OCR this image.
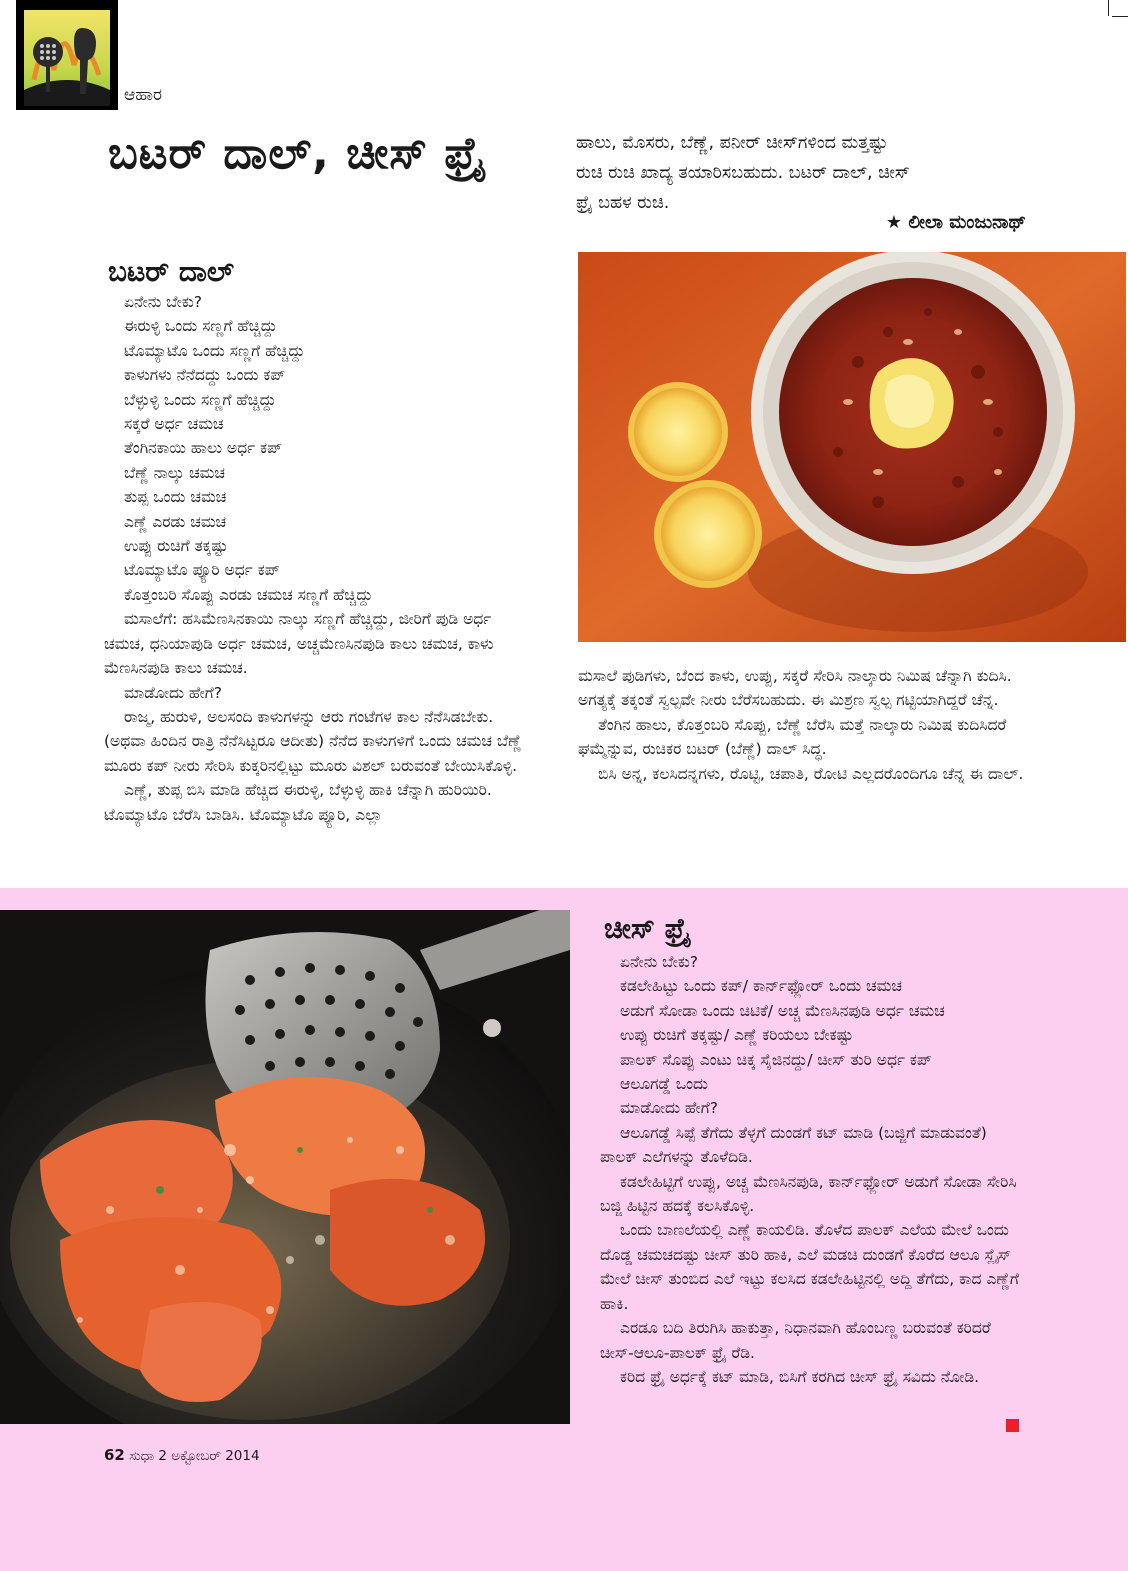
ಆಹಾರ
ಬಟರ್ ದಾಲ್, ಚೀಸ್ ಫ್ರೈ	ಹಾಲು, ಮೊಸರು, ಬೆಣ್ಣೆ, ಪನೀರ್ ಚೀಸ್‌ಗಳಿಂದ ಮತ್ತಷ್ಟು
ರುಚಿ ರುಚಿ ಖಾದ್ಯ ತಯಾರಿಸಬಹುದು. ಬಟರ್ ದಾಲ್, ಚೀಸ್
ಫ್ರೈ ಬಹಳ ರುಚಿ.
★ ಲೀಲಾ ಮಂಜುನಾಥ್
ಬಟರ್ ದಾಲ್

ಏನೇನು ಬೇಕು?

ಈರುಳ್ಳಿ ಒಂದು ಸಣ್ಣಗೆ ಹೆಚ್ಚಿದ್ದು

ಟೊಮ್ಯಾಟೊ ಒಂದು ಸಣ್ಣಗೆ ಹೆಚ್ಚಿದ್ದು

ಕಾಳುಗಳು ನೆನೆದದ್ದು ಒಂದು ಕಪ್

ಬೆಳ್ಳುಳ್ಳಿ ಒಂದು ಸಣ್ಣಗೆ ಹೆಚ್ಚಿದ್ದು

ಸಕ್ಕರೆ ಅರ್ಧ ಚಮಚ

ತೆಂಗಿನಕಾಯಿ ಹಾಲು ಅರ್ಧ ಕಪ್

ಬೆಣ್ಣೆ ನಾಲ್ಕು ಚಮಚ

ತುಪ್ಪ ಒಂದು ಚಮಚ

ಎಣ್ಣೆ ಎರಡು ಚಮಚ

ಉಪ್ಪು ರುಚಿಗೆ ತಕ್ಕಷ್ಟು

ಟೊಮ್ಯಾಟೊ ಪ್ಯೂರಿ ಅರ್ಧ ಕಪ್

ಕೊತ್ತಂಬರಿ ಸೊಪ್ಪು ಎರಡು ಚಮಚ ಸಣ್ಣಗೆ ಹೆಚ್ಚಿದ್ದು

ಮಸಾಲೆಗೆ: ಹಸಿಮೆಣಸಿನಕಾಯಿ ನಾಲ್ಕು ಸಣ್ಣಗೆ ಹೆಚ್ಚಿದ್ದು, ಜೀರಿಗೆ ಪುಡಿ ಅರ್ಧ ಚಮಚ, ಧನಿಯಾಪುಡಿ ಅರ್ಧ ಚಮಚ, ಅಚ್ಚಮೆಣಸಿನಪುಡಿ ಕಾಲು ಚಮಚ, ಕಾಳು ಮೆಣಸಿನಪುಡಿ ಕಾಲು ಚಮಚ.

ಮಾಡೋದು ಹೇಗೆ?

ರಾಜ್ಮ, ಹುರುಳಿ, ಅಲಸಂದಿ ಕಾಳುಗಳನ್ನು ಆರು ಗಂಟೆಗಳ ಕಾಲ ನೆನೆಸಿಡಬೇಕು. (ಅಥವಾ ಹಿಂದಿನ ರಾತ್ರಿ ನೆನೆಸಿಟ್ಟರೂ ಆದೀತು) ನೆನೆದ ಕಾಳುಗಳಿಗೆ ಒಂದು ಚಮಚ ಬೆಣ್ಣೆ ಮೂರು ಕಪ್ ನೀರು ಸೇರಿಸಿ ಕುಕ್ಕರಿನಲ್ಲಿಟ್ಟು ಮೂರು ವಿಶಲ್ ಬರುವಂತೆ ಬೇಯಿಸಿಕೊಳ್ಳಿ.

ಎಣ್ಣೆ, ತುಪ್ಪ ಬಿಸಿ ಮಾಡಿ ಹೆಚ್ಚಿದ ಈರುಳ್ಳಿ, ಬೆಳ್ಳುಳ್ಳಿ ಹಾಕಿ ಚೆನ್ನಾಗಿ ಹುರಿಯಿರಿ. ಟೊಮ್ಯಾಟೊ ಬೆರೆಸಿ ಬಾಡಿಸಿ. ಟೊಮ್ಯಾಟೊ ಪ್ಯೂರಿ, ಎಲ್ಲಾ

ಮಸಾಲೆ ಪುಡಿಗಳು, ಬೆಂದ ಕಾಳು, ಉಪ್ಪು, ಸಕ್ಕರೆ ಸೇರಿಸಿ ನಾಲ್ಕಾರು ನಿಮಿಷ ಚೆನ್ನಾಗಿ ಕುದಿಸಿ. ಅಗತ್ಯಕ್ಕೆ ತಕ್ಕಂತೆ ಸ್ವಲ್ಪವೇ ನೀರು ಬೆರೆಸಬಹುದು. ಈ ಮಿಶ್ರಣ ಸ್ವಲ್ಪ ಗಟ್ಟಿಯಾಗಿದ್ದರೆ ಚೆನ್ನ.

ತೆಂಗಿನ ಹಾಲು, ಕೊತ್ತಂಬರಿ ಸೊಪ್ಪು, ಬೆಣ್ಣೆ ಬೆರೆಸಿ ಮತ್ತೆ ನಾಲ್ಕಾರು ನಿಮಿಷ ಕುದಿಸಿದರೆ ಘಮ್ಮೆನ್ನುವ, ರುಚಿಕರ ಬಟರ್ (ಬೆಣ್ಣೆ) ದಾಲ್ ಸಿದ್ಧ.

ಬಿಸಿ ಅನ್ನ, ಕಲಸಿದನ್ನಗಳು, ರೊಟ್ಟಿ, ಚಪಾತಿ, ರೋಟಿ ಎಲ್ಲದರೊಂದಿಗೂ ಚೆನ್ನ ಈ ದಾಲ್.

ಚೀಸ್ ಫ್ರೈ

ಏನೇನು ಬೇಕು?

ಕಡಲೇಹಿಟ್ಟು ಒಂದು ಕಪ್/ ಕಾರ್ನ್‌ಫ್ಲೋರ್ ಒಂದು ಚಮಚ

ಅಡುಗೆ ಸೋಡಾ ಒಂದು ಚಿಟಿಕೆ/ ಅಚ್ಚ ಮೆಣಸಿನಪುಡಿ ಅರ್ಧ ಚಮಚ

ಉಪ್ಪು ರುಚಿಗೆ ತಕ್ಕಷ್ಟು/ ಎಣ್ಣೆ ಕರಿಯಲು ಬೇಕಷ್ಟು

ಪಾಲಕ್ ಸೊಪ್ಪು ಎಂಟು ಚಿಕ್ಕ ಸೈಜಿನದ್ದು/ ಚೀಸ್ ತುರಿ ಅರ್ಧ ಕಪ್

ಆಲೂಗಡ್ಡೆ ಒಂದು

ಮಾಡೋದು ಹೇಗೆ?

ಆಲೂಗಡ್ಡೆ ಸಿಪ್ಪೆ ತೆಗೆದು ತೆಳ್ಳಗೆ ದುಂಡಗೆ ಕಟ್ ಮಾಡಿ (ಬಜ್ಜಿಗೆ ಮಾಡುವಂತೆ) ಪಾಲಕ್ ಎಲೆಗಳನ್ನು ತೊಳೆದಿಡಿ.

ಕಡಲೇಹಿಟ್ಟಿಗೆ ಉಪ್ಪು, ಅಚ್ಚ ಮೆಣಸಿನಪುಡಿ, ಕಾರ್ನ್‌ಫ್ಲೋರ್ ಅಡುಗೆ ಸೋಡಾ ಸೇರಿಸಿ ಬಜ್ಜಿ ಹಿಟ್ಟಿನ ಹದಕ್ಕೆ ಕಲಸಿಕೊಳ್ಳಿ.

ಒಂದು ಬಾಣಲೆಯಲ್ಲಿ ಎಣ್ಣೆ ಕಾಯಲಿಡಿ. ತೊಳೆದ ಪಾಲಕ್ ಎಲೆಯ ಮೇಲೆ ಒಂದು ದೊಡ್ಡ ಚಮಚದಷ್ಟು ಚೀಸ್ ತುರಿ ಹಾಕಿ, ಎಲೆ ಮಡಚಿ ದುಂಡಗೆ ಕೊರೆದ ಆಲೂ ಸ್ಲೈಸ್ ಮೇಲೆ ಚೀಸ್ ತುಂಬಿದ ಎಲೆ ಇಟ್ಟು ಕಲಸಿದ ಕಡಲೇಹಿಟ್ಟಿನಲ್ಲಿ ಅದ್ದಿ ತೆಗೆದು, ಕಾದ ಎಣ್ಣೆಗೆ ಹಾಕಿ.

ಎರಡೂ ಬದಿ ತಿರುಗಿಸಿ ಹಾಕುತ್ತಾ, ನಿಧಾನವಾಗಿ ಹೊಂಬಣ್ಣ ಬರುವಂತೆ ಕರಿದರೆ ಚೀಸ್-ಆಲೂ-ಪಾಲಕ್ ಫ್ರೈ ರೆಡಿ.

ಕರಿದ ಫ್ರೈ ಅರ್ಧಕ್ಕೆ ಕಟ್ ಮಾಡಿ, ಬಿಸಿಗೆ ಕರಗಿದ ಚೀಸ್ ಫ್ರೈ ಸವಿದು ನೋಡಿ.

62 ಸುಧಾ 2 ಅಕ್ಟೋಬರ್ 2014
